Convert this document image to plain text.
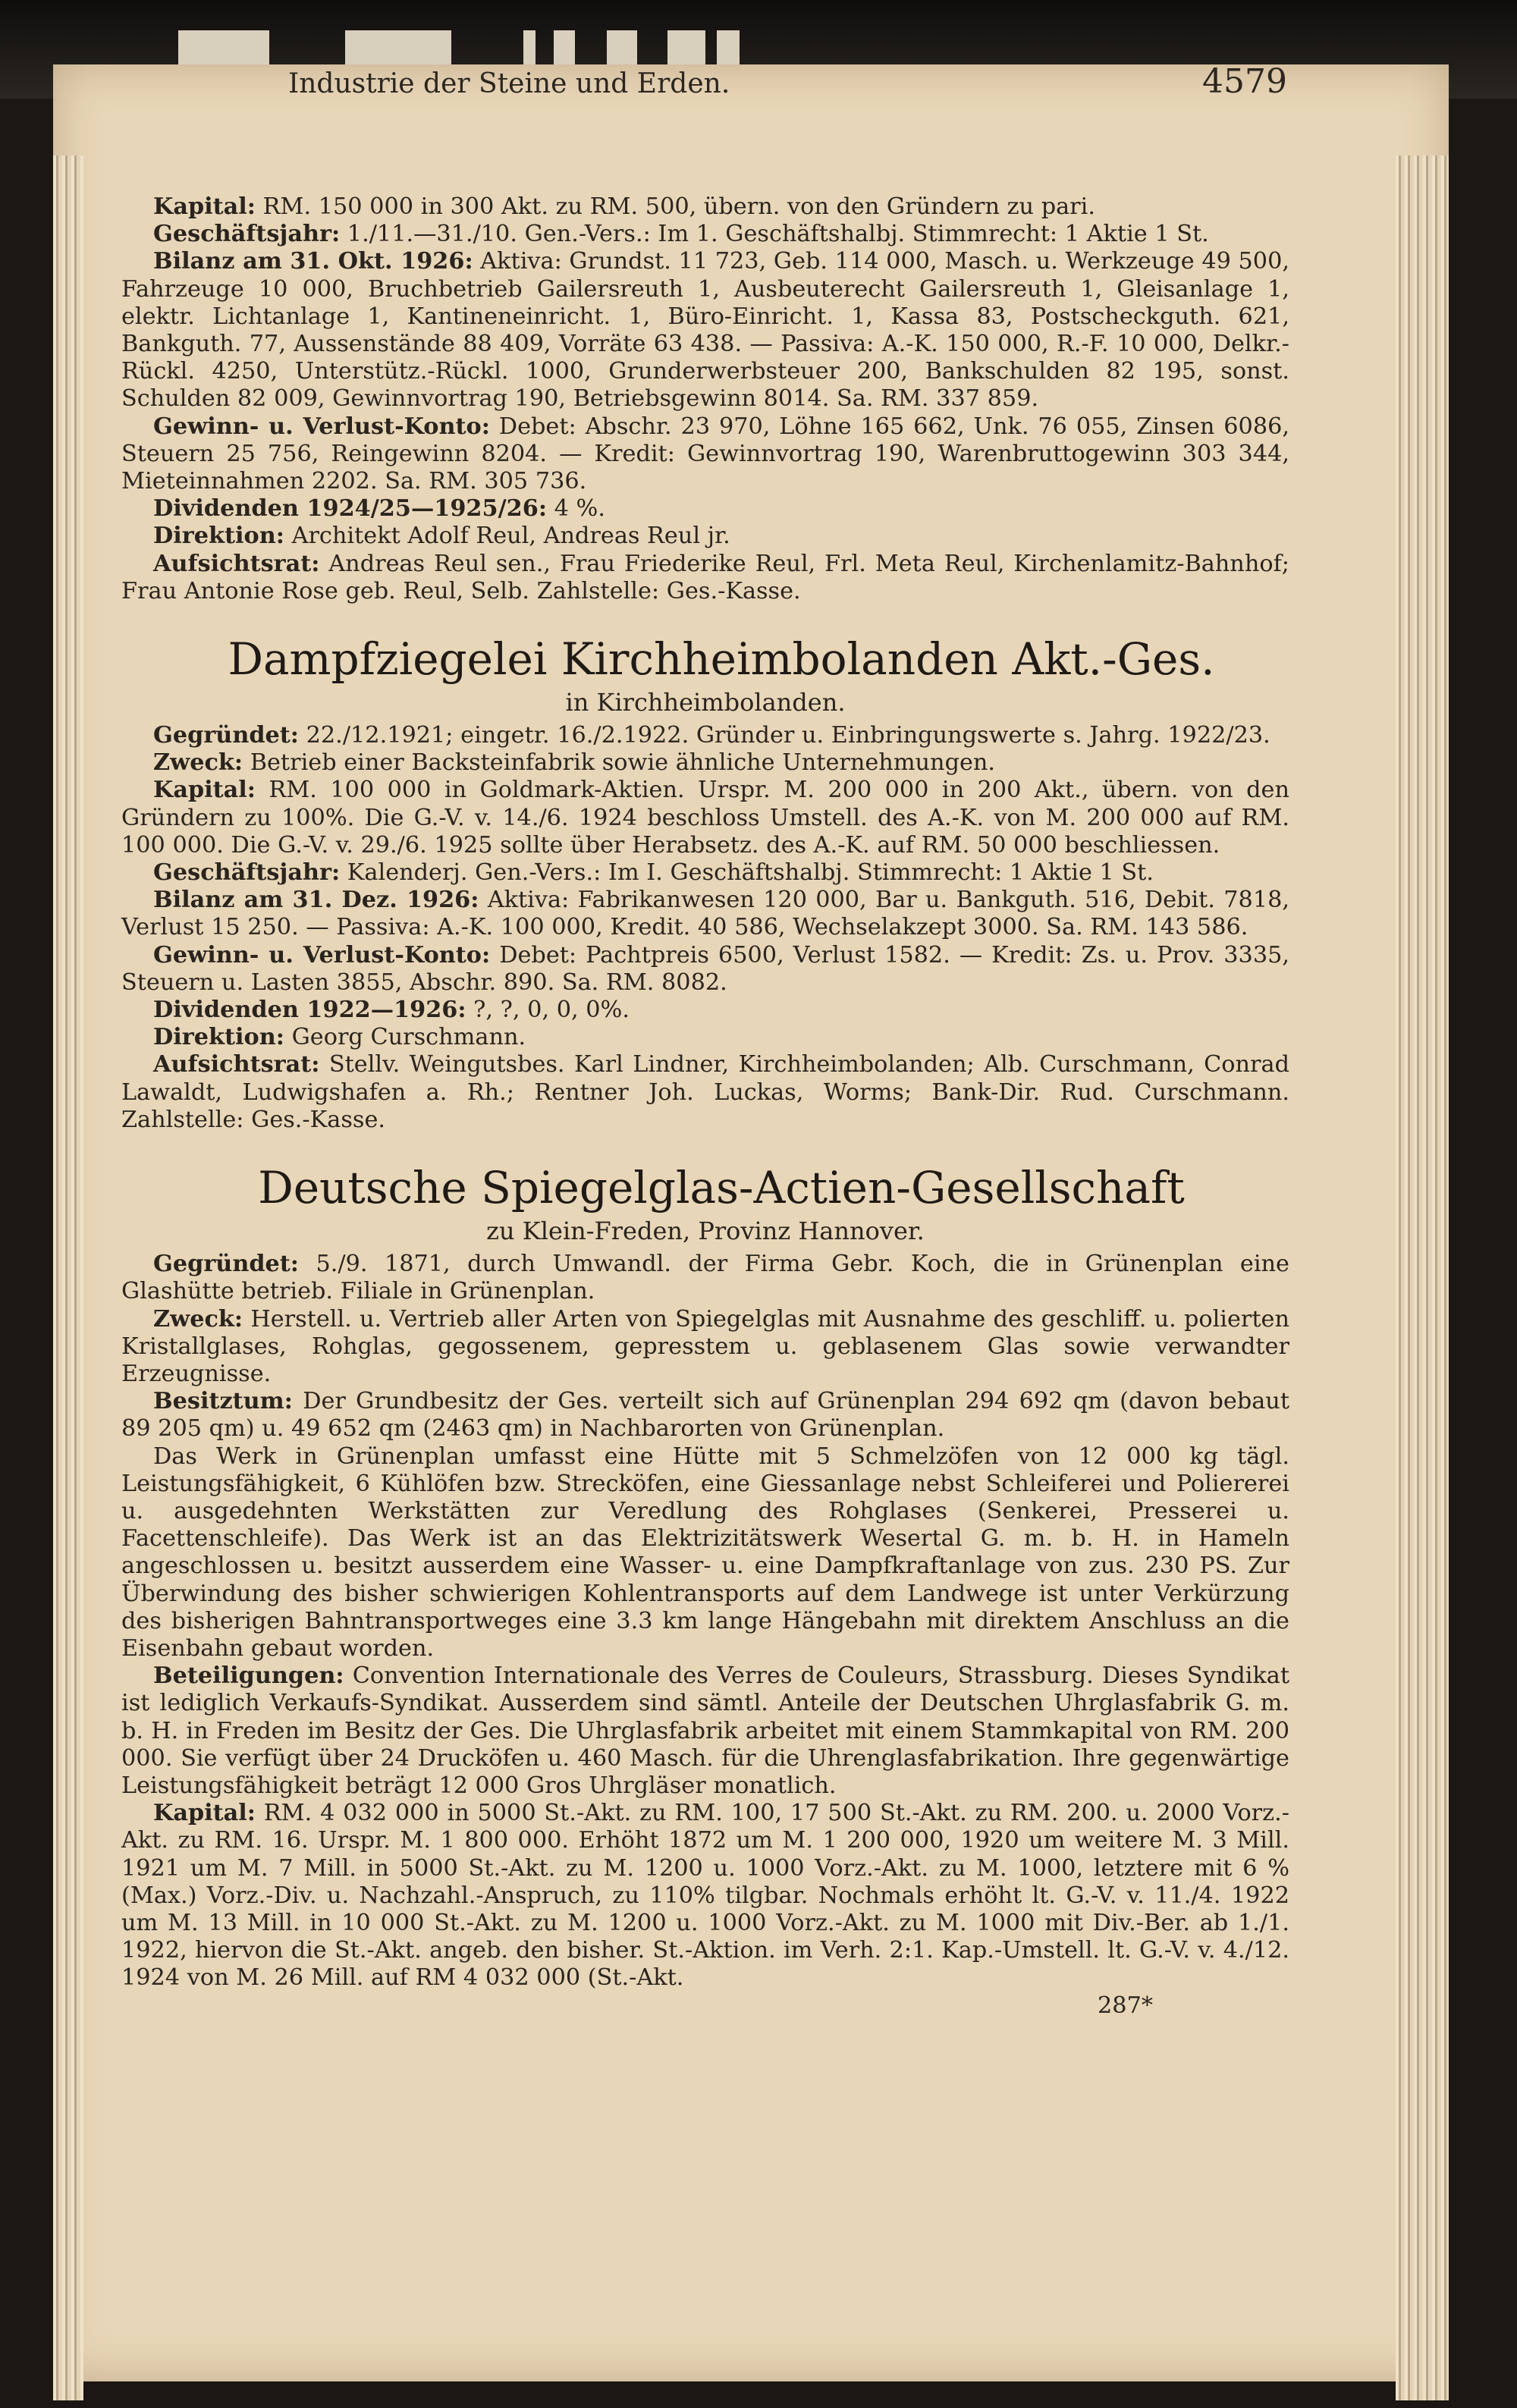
Industrie der Steine und Erden.	4579

Kapital: RM. 150 000 in 300 Akt. zu RM. 500, übern. von den Gründern zu pari.

Geschäftsjahr: 1./11.—31./10. Gen.-Vers.: Im 1. Geschäftshalbj. Stimmrecht: 1 Aktie 1 St.

Bilanz am 31. Okt. 1926: Aktiva: Grundst. 11 723, Geb. 114 000, Masch. u. Werkzeuge 49 500, Fahrzeuge 10 000, Bruchbetrieb Gailersreuth 1, Ausbeuterecht Gailersreuth 1, Gleisanlage 1, elektr. Lichtanlage 1, Kantineneinricht. 1, Büro-Einricht. 1, Kassa 83, Postscheckguth. 621, Bankguth. 77, Aussenstände 88 409, Vorräte 63 438. — Passiva: A.-K. 150 000, R.-F. 10 000, Delkr.-Rückl. 4250, Unterstütz.-Rückl. 1000, Grunderwerbsteuer 200, Bankschulden 82 195, sonst. Schulden 82 009, Gewinnvortrag 190, Betriebsgewinn 8014. Sa. RM. 337 859.

Gewinn- u. Verlust-Konto: Debet: Abschr. 23 970, Löhne 165 662, Unk. 76 055, Zinsen 6086, Steuern 25 756, Reingewinn 8204. — Kredit: Gewinnvortrag 190, Warenbruttogewinn 303 344, Mieteinnahmen 2202. Sa. RM. 305 736.

Dividenden 1924/25—1925/26: 4 %.

Direktion: Architekt Adolf Reul, Andreas Reul jr.

Aufsichtsrat: Andreas Reul sen., Frau Friederike Reul, Frl. Meta Reul, Kirchenlamitz-Bahnhof; Frau Antonie Rose geb. Reul, Selb. Zahlstelle: Ges.-Kasse.

Dampfziegelei Kirchheimbolanden Akt.-Ges.

in Kirchheimbolanden.

Gegründet: 22./12.1921; eingetr. 16./2.1922. Gründer u. Einbringungswerte s. Jahrg. 1922/23.

Zweck: Betrieb einer Backsteinfabrik sowie ähnliche Unternehmungen.

Kapital: RM. 100 000 in Goldmark-Aktien. Urspr. M. 200 000 in 200 Akt., übern. von den Gründern zu 100%. Die G.-V. v. 14./6. 1924 beschloss Umstell. des A.-K. von M. 200 000 auf RM. 100 000. Die G.-V. v. 29./6. 1925 sollte über Herabsetz. des A.-K. auf RM. 50 000 beschliessen.

Geschäftsjahr: Kalenderj. Gen.-Vers.: Im I. Geschäftshalbj. Stimmrecht: 1 Aktie 1 St.

Bilanz am 31. Dez. 1926: Aktiva: Fabrikanwesen 120 000, Bar u. Bankguth. 516, Debit. 7818, Verlust 15 250. — Passiva: A.-K. 100 000, Kredit. 40 586, Wechselakzept 3000. Sa. RM. 143 586.

Gewinn- u. Verlust-Konto: Debet: Pachtpreis 6500, Verlust 1582. — Kredit: Zs. u. Prov. 3335, Steuern u. Lasten 3855, Abschr. 890. Sa. RM. 8082.

Dividenden 1922—1926: ?, ?, 0, 0, 0%.

Direktion: Georg Curschmann.

Aufsichtsrat: Stellv. Weingutsbes. Karl Lindner, Kirchheimbolanden; Alb. Curschmann, Conrad Lawaldt, Ludwigshafen a. Rh.; Rentner Joh. Luckas, Worms; Bank-Dir. Rud. Curschmann. Zahlstelle: Ges.-Kasse.

Deutsche Spiegelglas-Actien-Gesellschaft

zu Klein-Freden, Provinz Hannover.

Gegründet: 5./9. 1871, durch Umwandl. der Firma Gebr. Koch, die in Grünenplan eine Glashütte betrieb. Filiale in Grünenplan.

Zweck: Herstell. u. Vertrieb aller Arten von Spiegelglas mit Ausnahme des geschliff. u. polierten Kristallglases, Rohglas, gegossenem, gepresstem u. geblasenem Glas sowie verwandter Erzeugnisse.

Besitztum: Der Grundbesitz der Ges. verteilt sich auf Grünenplan 294 692 qm (davon bebaut 89 205 qm) u. 49 652 qm (2463 qm) in Nachbarorten von Grünenplan.

Das Werk in Grünenplan umfasst eine Hütte mit 5 Schmelzöfen von 12 000 kg tägl. Leistungsfähigkeit, 6 Kühlöfen bzw. Strecköfen, eine Giessanlage nebst Schleiferei und Poliererei u. ausgedehnten Werkstätten zur Veredlung des Rohglases (Senkerei, Presserei u. Facettenschleife). Das Werk ist an das Elektrizitätswerk Wesertal G. m. b. H. in Hameln angeschlossen u. besitzt ausserdem eine Wasser- u. eine Dampfkraftanlage von zus. 230 PS. Zur Überwindung des bisher schwierigen Kohlentransports auf dem Landwege ist unter Verkürzung des bisherigen Bahntransportweges eine 3.3 km lange Hängebahn mit direktem Anschluss an die Eisenbahn gebaut worden.

Beteiligungen: Convention Internationale des Verres de Couleurs, Strassburg. Dieses Syndikat ist lediglich Verkaufs-Syndikat. Ausserdem sind sämtl. Anteile der Deutschen Uhrglasfabrik G. m. b. H. in Freden im Besitz der Ges. Die Uhrglasfabrik arbeitet mit einem Stammkapital von RM. 200 000. Sie verfügt über 24 Drucköfen u. 460 Masch. für die Uhrenglasfabrikation. Ihre gegenwärtige Leistungsfähigkeit beträgt 12 000 Gros Uhrgläser monatlich.

Kapital: RM. 4 032 000 in 5000 St.-Akt. zu RM. 100, 17 500 St.-Akt. zu RM. 200. u. 2000 Vorz.-Akt. zu RM. 16. Urspr. M. 1 800 000. Erhöht 1872 um M. 1 200 000, 1920 um weitere M. 3 Mill. 1921 um M. 7 Mill. in 5000 St.-Akt. zu M. 1200 u. 1000 Vorz.-Akt. zu M. 1000, letztere mit 6 % (Max.) Vorz.-Div. u. Nachzahl.-Anspruch, zu 110% tilgbar. Nochmals erhöht lt. G.-V. v. 11./4. 1922 um M. 13 Mill. in 10 000 St.-Akt. zu M. 1200 u. 1000 Vorz.-Akt. zu M. 1000 mit Div.-Ber. ab 1./1. 1922, hiervon die St.-Akt. angeb. den bisher. St.-Aktion. im Verh. 2:1. Kap.-Umstell. lt. G.-V. v. 4./12. 1924 von M. 26 Mill. auf RM 4 032 000 (St.-Akt.

287*
